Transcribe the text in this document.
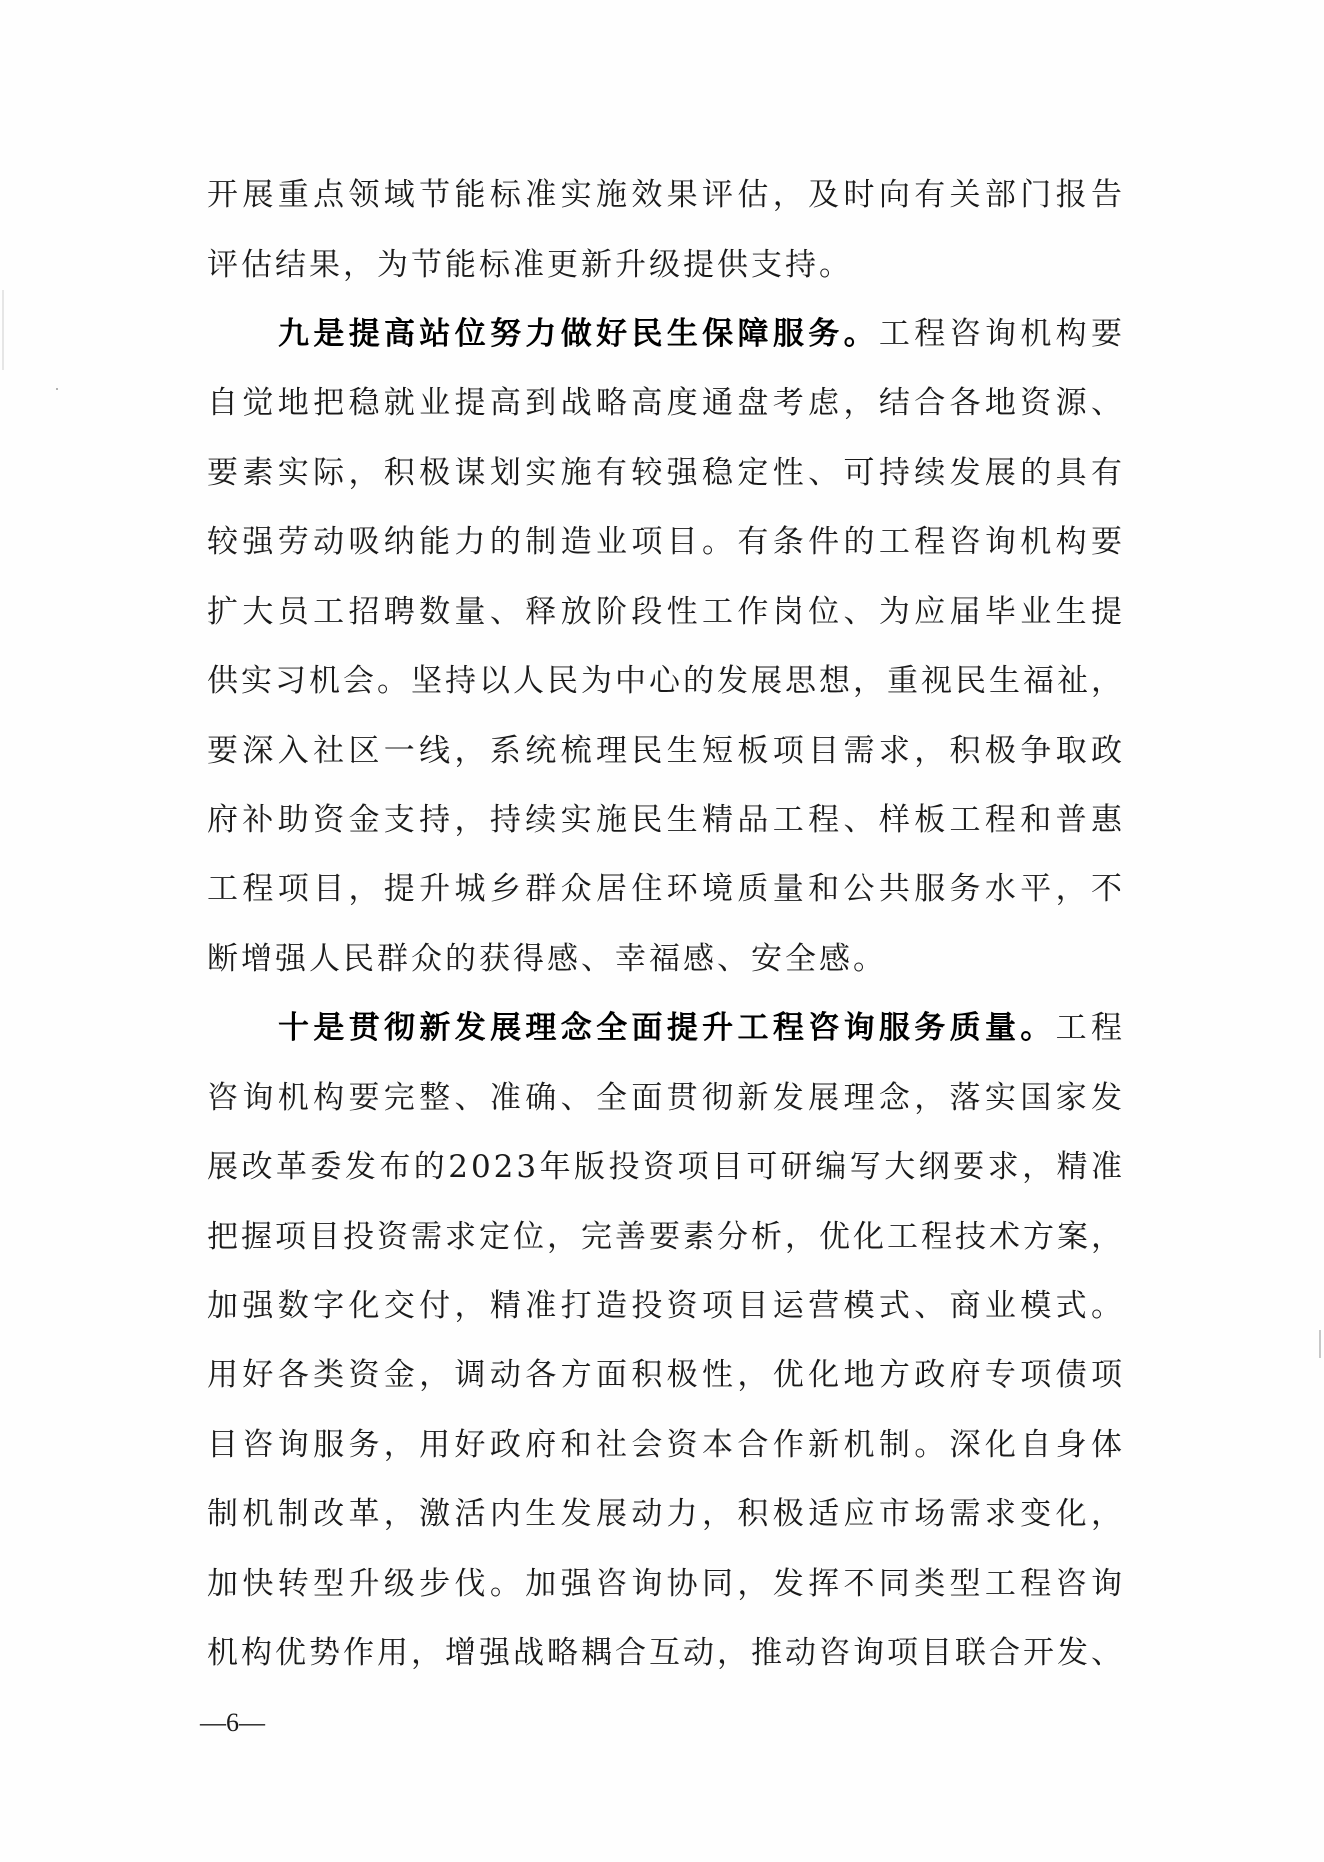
开展重点领域节能标准实施效果评估，及时向有关部门报告
评估结果，为节能标准更新升级提供支持。
九是提高站位努力做好民生保障服务。工程咨询机构要
自觉地把稳就业提高到战略高度通盘考虑，结合各地资源、
要素实际，积极谋划实施有较强稳定性、可持续发展的具有
较强劳动吸纳能力的制造业项目。有条件的工程咨询机构要
扩大员工招聘数量、释放阶段性工作岗位、为应届毕业生提
供实习机会。坚持以人民为中心的发展思想，重视民生福祉，
要深入社区一线，系统梳理民生短板项目需求，积极争取政
府补助资金支持，持续实施民生精品工程、样板工程和普惠
工程项目，提升城乡群众居住环境质量和公共服务水平，不
断增强人民群众的获得感、幸福感、安全感。
十是贯彻新发展理念全面提升工程咨询服务质量。工程
咨询机构要完整、准确、全面贯彻新发展理念，落实国家发
展改革委发布的2023年版投资项目可研编写大纲要求，精准
把握项目投资需求定位，完善要素分析，优化工程技术方案，
加强数字化交付，精准打造投资项目运营模式、商业模式。
用好各类资金，调动各方面积极性，优化地方政府专项债项
目咨询服务，用好政府和社会资本合作新机制。深化自身体
制机制改革，激活内生发展动力，积极适应市场需求变化，
加快转型升级步伐。加强咨询协同，发挥不同类型工程咨询
机构优势作用，增强战略耦合互动，推动咨询项目联合开发、
—6—
